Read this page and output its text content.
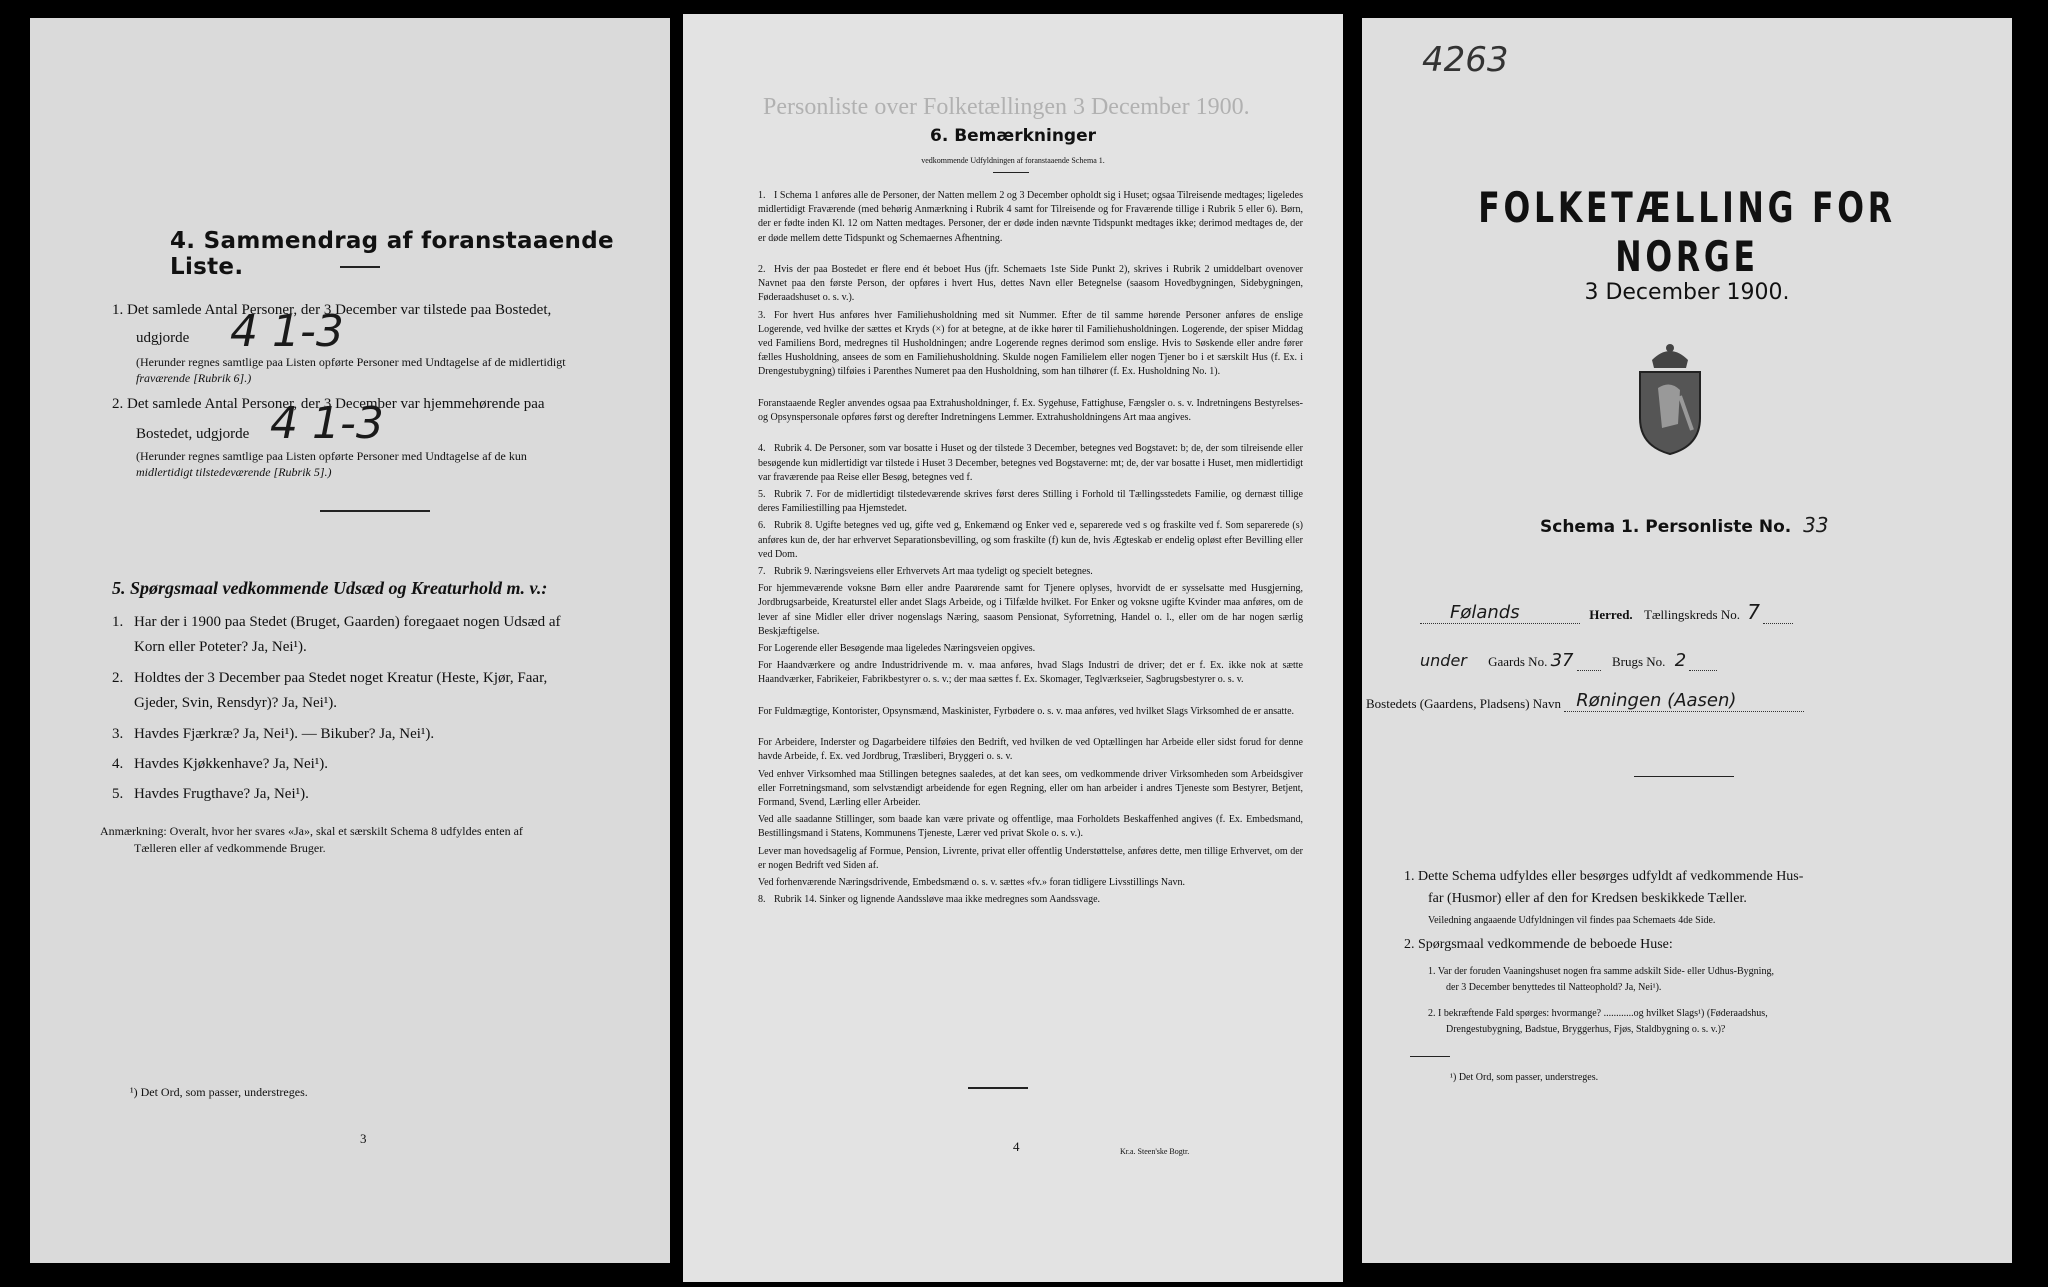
4. Sammendrag af foranstaaende Liste.
1. Det samlede Antal Personer, der 3 December var tilstede paa Bostedet,
udgjorde 4 1-3
(Herunder regnes samtlige paa Listen opførte Personer med Undtagelse af de midlertidigt
fraværende [Rubrik 6].)
2. Det samlede Antal Personer, der 3 December var hjemmehørende paa
Bostedet, udgjorde 4 1-3
(Herunder regnes samtlige paa Listen opførte Personer med Undtagelse af de kun
midlertidigt tilstedeværende [Rubrik 5].)
5. Spørgsmaal vedkommende Udsæd og Kreaturhold m. v.:
1. Har der i 1900 paa Stedet (Bruget, Gaarden) foregaaet nogen Udsæd af
Korn eller Poteter? Ja, Nei¹).
2. Holdtes der 3 December paa Stedet noget Kreatur (Heste, Kjør, Faar,
Gjeder, Svin, Rensdyr)? Ja, Nei¹).
3. Havdes Fjærkræ? Ja, Nei¹). — Bikuber? Ja, Nei¹).
4. Havdes Kjøkkenhave? Ja, Nei¹).
5. Havdes Frugthave? Ja, Nei¹).
Anmærkning: Overalt, hvor her svares «Ja», skal et særskilt Schema 8 udfyldes enten af
Tælleren eller af vedkommende Bruger.
¹) Det Ord, som passer, understreges.
3
Personliste over Folketællingen 3 December 1900.
6. Bemærkninger
vedkommende Udfyldningen af foranstaaende Schema 1.
1. I Schema 1 anføres alle de Personer, der Natten mellem 2 og 3 December opholdt sig i Huset; ogsaa Tilreisende medtages; ligeledes midlertidigt Fraværende (med behørig Anmærkning i Rubrik 4 samt for Tilreisende og for Fraværende tillige i Rubrik 5 eller 6). Børn, der er fødte inden Kl. 12 om Natten medtages. Personer, der er døde inden nævnte Tidspunkt medtages ikke; derimod medtages de, der er døde mellem dette Tidspunkt og Schemaernes Afhentning.
2. Hvis der paa Bostedet er flere end ét beboet Hus (jfr. Schemaets 1ste Side Punkt 2), skrives i Rubrik 2 umiddelbart ovenover Navnet paa den første Person, der opføres i hvert Hus, dettes Navn eller Betegnelse (saasom Hovedbygningen, Sidebygningen, Føderaadshuset o. s. v.).
3. For hvert Hus anføres hver Familiehusholdning med sit Nummer. Efter de til samme hørende Personer anføres de enslige Logerende, ved hvilke der sættes et Kryds (×) for at betegne, at de ikke hører til Familiehusholdningen. Logerende, der spiser Middag ved Familiens Bord, medregnes til Husholdningen; andre Logerende regnes derimod som enslige. Hvis to Søskende eller andre fører fælles Husholdning, ansees de som en Familiehusholdning. Skulde nogen Familielem eller nogen Tjener bo i et særskilt Hus (f. Ex. i Drengestubygning) tilføies i Parenthes Numeret paa den Husholdning, som han tilhører (f. Ex. Husholdning No. 1).
Foranstaaende Regler anvendes ogsaa paa Extrahusholdninger, f. Ex. Sygehuse, Fattighuse, Fængsler o. s. v. Indretningens Bestyrelses- og Opsynspersonale opføres først og derefter Indretningens Lemmer. Extrahusholdningens Art maa angives.
4. Rubrik 4. De Personer, som var bosatte i Huset og der tilstede 3 December, betegnes ved Bogstavet: b; de, der som tilreisende eller besøgende kun midlertidigt var tilstede i Huset 3 December, betegnes ved Bogstaverne: mt; de, der var bosatte i Huset, men midlertidigt var fraværende paa Reise eller Besøg, betegnes ved f.
5. Rubrik 7. For de midlertidigt tilstedeværende skrives først deres Stilling i Forhold til Tællingsstedets Familie, og dernæst tillige deres Familiestilling paa Hjemstedet.
6. Rubrik 8. Ugifte betegnes ved ug, gifte ved g, Enkemænd og Enker ved e, separerede ved s og fraskilte ved f. Som separerede (s) anføres kun de, der har erhvervet Separationsbevilling, og som fraskilte (f) kun de, hvis Ægteskab er endelig opløst efter Bevilling eller ved Dom.
7. Rubrik 9. Næringsveiens eller Erhvervets Art maa tydeligt og specielt betegnes.
For hjemmeværende voksne Børn eller andre Paarørende samt for Tjenere oplyses, hvorvidt de er sysselsatte med Husgjerning, Jordbrugsarbeide, Kreaturstel eller andet Slags Arbeide, og i Tilfælde hvilket. For Enker og voksne ugifte Kvinder maa anføres, om de lever af sine Midler eller driver nogenslags Næring, saasom Pensionat, Syforretning, Handel o. l., eller om de har nogen særlig Beskjæftigelse.
For Logerende eller Besøgende maa ligeledes Næringsveien opgives.
For Haandværkere og andre Industridrivende m. v. maa anføres, hvad Slags Industri de driver; det er f. Ex. ikke nok at sætte Haandværker, Fabrikeier, Fabrikbestyrer o. s. v.; der maa sættes f. Ex. Skomager, Teglværkseier, Sagbrugsbestyrer o. s. v.
For Fuldmægtige, Kontorister, Opsynsmænd, Maskinister, Fyrbødere o. s. v. maa anføres, ved hvilket Slags Virksomhed de er ansatte.
For Arbeidere, Inderster og Dagarbeidere tilføies den Bedrift, ved hvilken de ved Optællingen har Arbeide eller sidst forud for denne havde Arbeide, f. Ex. ved Jordbrug, Træsliberi, Bryggeri o. s. v.
Ved enhver Virksomhed maa Stillingen betegnes saaledes, at det kan sees, om vedkommende driver Virksomheden som Arbeidsgiver eller Forretningsmand, som selvstændigt arbeidende for egen Regning, eller om han arbeider i andres Tjeneste som Bestyrer, Betjent, Formand, Svend, Lærling eller Arbeider.
Ved alle saadanne Stillinger, som baade kan være private og offentlige, maa Forholdets Beskaffenhed angives (f. Ex. Embedsmand, Bestillingsmand i Statens, Kommunens Tjeneste, Lærer ved privat Skole o. s. v.).
Lever man hovedsagelig af Formue, Pension, Livrente, privat eller offentlig Understøttelse, anføres dette, men tillige Erhvervet, om der er nogen Bedrift ved Siden af.
Ved forhenværende Næringsdrivende, Embedsmænd o. s. v. sættes «fv.» foran tidligere Livsstillings Navn.
8. Rubrik 14. Sinker og lignende Aandssløve maa ikke medregnes som Aandssvage.
4	Kr.a. Steen'ske Bogtr.
4263
FOLKETÆLLING FOR NORGE
3 December 1900.
Schema 1. Personliste No. 33
Følands	Herred. Tællingskreds No. 7
under Gaards No. 37	Brugs No. 2
Bostedets (Gaardens, Pladsens) Navn Røningen (Aasen)
1. Dette Schema udfyldes eller besørges udfyldt af vedkommende Hus-
far (Husmor) eller af den for Kredsen beskikkede Tæller.
Veiledning angaaende Udfyldningen vil findes paa Schemaets 4de Side.
2. Spørgsmaal vedkommende de beboede Huse:
1. Var der foruden Vaaningshuset nogen fra samme adskilt Side- eller Udhus-Bygning,
der 3 December benyttedes til Natteophold? Ja, Nei¹).
2. I bekræftende Fald spørges: hvormange? ............og hvilket Slags¹) (Føderaadshus,
Drengestubygning, Badstue, Bryggerhus, Fjøs, Staldbygning o. s. v.)?
¹) Det Ord, som passer, understreges.
